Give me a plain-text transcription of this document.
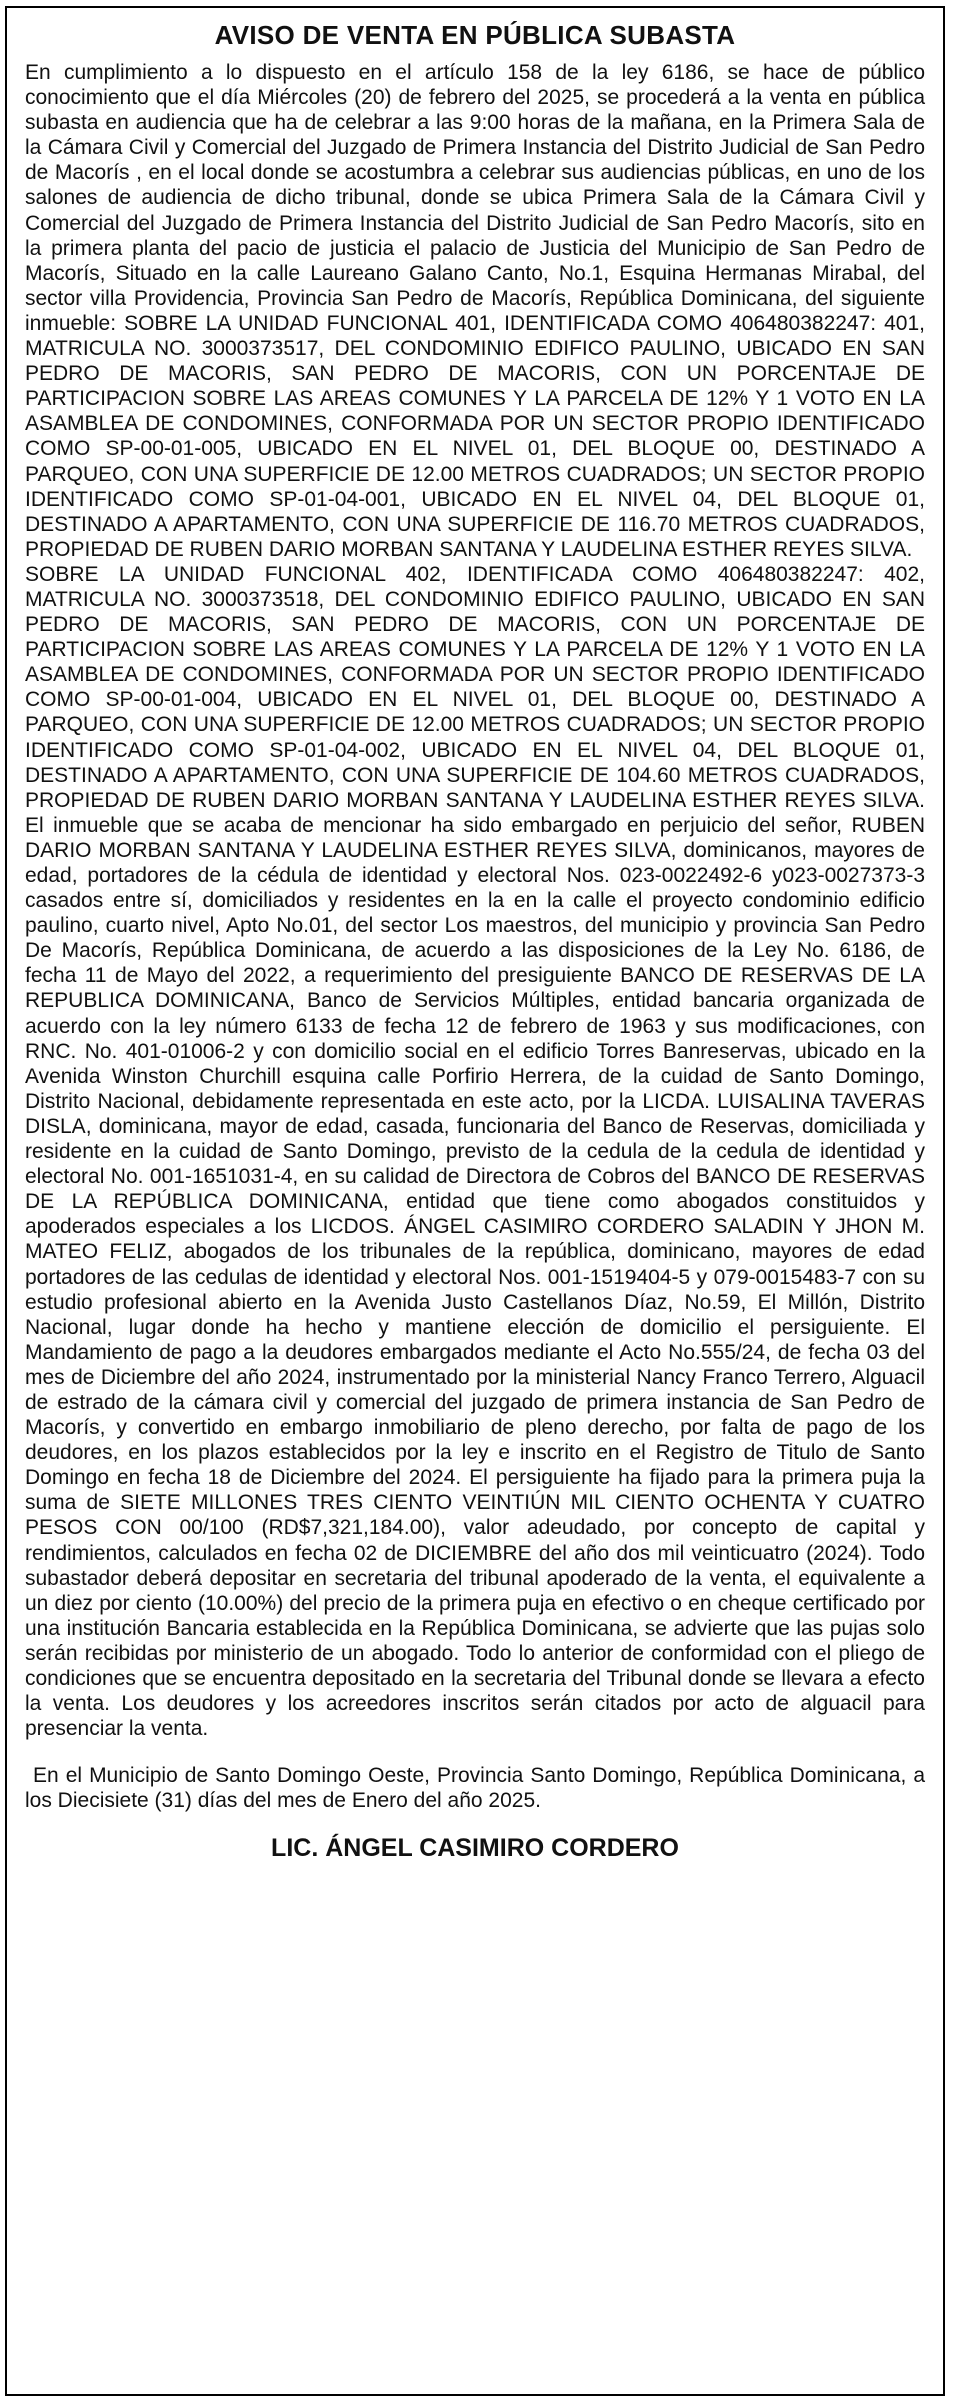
AVISO DE VENTA EN PÚBLICA SUBASTA

En cumplimiento a lo dispuesto en el artículo 158 de la ley 6186, se hace de público conocimiento que el día Miércoles (20) de febrero del 2025, se procederá a la venta en pública subasta en audiencia que ha de celebrar a las 9:00 horas de la mañana, en la Primera Sala de la Cámara Civil y Comercial del Juzgado de Primera Instancia del Distrito Judicial de San Pedro de Macorís , en el local donde se acostumbra a celebrar sus audiencias públicas, en uno de los salones de audiencia de dicho tribunal, donde se ubica Primera Sala de la Cámara Civil y Comercial del Juzgado de Primera Instancia del Distrito Judicial de San Pedro Macorís, sito en la primera planta del pacio de justicia el palacio de Justicia del Municipio de San Pedro de Macorís, Situado en la calle Laureano Galano Canto, No.1, Esquina Hermanas Mirabal, del sector villa Providencia, Provincia San Pedro de Macorís, República Dominicana, del siguiente inmueble: SOBRE LA UNIDAD FUNCIONAL 401, IDENTIFICADA COMO 406480382247: 401, MATRICULA NO. 3000373517, DEL CONDOMINIO EDIFICO PAULINO, UBICADO EN SAN PEDRO DE MACORIS, SAN PEDRO DE MACORIS, CON UN PORCENTAJE DE PARTICIPACION SOBRE LAS AREAS COMUNES Y LA PARCELA DE 12% Y 1 VOTO EN LA ASAMBLEA DE CONDOMINES, CONFORMADA POR UN SECTOR PROPIO IDENTIFICADO COMO SP-00-01-005, UBICADO EN EL NIVEL 01, DEL BLOQUE 00, DESTINADO A PARQUEO, CON UNA SUPERFICIE DE 12.00 METROS CUADRADOS; UN SECTOR PROPIO IDENTIFICADO COMO SP-01-04-001, UBICADO EN EL NIVEL 04, DEL BLOQUE 01, DESTINADO A APARTAMENTO, CON UNA SUPERFICIE DE 116.70 METROS CUADRADOS, PROPIEDAD DE RUBEN DARIO MORBAN SANTANA Y LAUDELINA ESTHER REYES SILVA.

SOBRE LA UNIDAD FUNCIONAL 402, IDENTIFICADA COMO 406480382247: 402, MATRICULA NO. 3000373518, DEL CONDOMINIO EDIFICO PAULINO, UBICADO EN SAN PEDRO DE MACORIS, SAN PEDRO DE MACORIS, CON UN PORCENTAJE DE PARTICIPACION SOBRE LAS AREAS COMUNES Y LA PARCELA DE 12% Y 1 VOTO EN LA ASAMBLEA DE CONDOMINES, CONFORMADA POR UN SECTOR PROPIO IDENTIFICADO COMO SP-00-01-004, UBICADO EN EL NIVEL 01, DEL BLOQUE 00, DESTINADO A PARQUEO, CON UNA SUPERFICIE DE 12.00 METROS CUADRADOS; UN SECTOR PROPIO IDENTIFICADO COMO SP-01-04-002, UBICADO EN EL NIVEL 04, DEL BLOQUE 01, DESTINADO A APARTAMENTO, CON UNA SUPERFICIE DE 104.60 METROS CUADRADOS, PROPIEDAD DE RUBEN DARIO MORBAN SANTANA Y LAUDELINA ESTHER REYES SILVA. El inmueble que se acaba de mencionar ha sido embargado en perjuicio del señor, RUBEN DARIO MORBAN SANTANA Y LAUDELINA ESTHER REYES SILVA, dominicanos, mayores de edad, portadores de la cédula de identidad y electoral Nos. 023-0022492-6 y023-0027373-3 casados entre sí, domiciliados y residentes en la en la calle el proyecto condominio edificio paulino, cuarto nivel, Apto No.01, del sector Los maestros, del municipio y provincia San Pedro De Macorís, República Dominicana, de acuerdo a las disposiciones de la Ley No. 6186, de fecha 11 de Mayo del 2022, a requerimiento del presiguiente BANCO DE RESERVAS DE LA REPUBLICA DOMINICANA, Banco de Servicios Múltiples, entidad bancaria organizada de acuerdo con la ley número 6133 de fecha 12 de febrero de 1963 y sus modificaciones, con RNC. No. 401-01006-2 y con domicilio social en el edificio Torres Banreservas, ubicado en la Avenida Winston Churchill esquina calle Porfirio Herrera, de la cuidad de Santo Domingo, Distrito Nacional, debidamente representada en este acto, por la LICDA. LUISALINA TAVERAS DISLA, dominicana, mayor de edad, casada, funcionaria del Banco de Reservas, domiciliada y residente en la cuidad de Santo Domingo, previsto de la cedula de la cedula de identidad y electoral No. 001-1651031-4, en su calidad de Directora de Cobros del BANCO DE RESERVAS DE LA REPÚBLICA DOMINICANA, entidad que tiene como abogados constituidos y apoderados especiales a los LICDOS. ÁNGEL CASIMIRO CORDERO SALADIN Y JHON M. MATEO FELIZ, abogados de los tribunales de la república, dominicano, mayores de edad portadores de las cedulas de identidad y electoral Nos. 001-1519404-5 y 079-0015483-7 con su estudio profesional abierto en la Avenida Justo Castellanos Díaz, No.59, El Millón, Distrito Nacional, lugar donde ha hecho y mantiene elección de domicilio el persiguiente. El Mandamiento de pago a la deudores embargados mediante el Acto No.555/24, de fecha 03 del mes de Diciembre del año 2024, instrumentado por la ministerial Nancy Franco Terrero, Alguacil de estrado de la cámara civil y comercial del juzgado de primera instancia de San Pedro de Macorís, y convertido en embargo inmobiliario de pleno derecho, por falta de pago de los deudores, en los plazos establecidos por la ley e inscrito en el Registro de Titulo de Santo Domingo en fecha 18 de Diciembre del 2024. El persiguiente ha fijado para la primera puja la suma de SIETE MILLONES TRES CIENTO VEINTIÚN MIL CIENTO OCHENTA Y CUATRO PESOS CON 00/100 (RD$7,321,184.00), valor adeudado, por concepto de capital y rendimientos, calculados en fecha 02 de DICIEMBRE del año dos mil veinticuatro (2024). Todo subastador deberá depositar en secretaria del tribunal apoderado de la venta, el equivalente a un diez por ciento (10.00%) del precio de la primera puja en efectivo o en cheque certificado por una institución Bancaria establecida en la República Dominicana, se advierte que las pujas solo serán recibidas por ministerio de un abogado. Todo lo anterior de conformidad con el pliego de condiciones que se encuentra depositado en la secretaria del Tribunal donde se llevara a efecto la venta. Los deudores y los acreedores inscritos serán citados por acto de alguacil para presenciar la venta.

En el Municipio de Santo Domingo Oeste, Provincia Santo Domingo, República Dominicana, a los Diecisiete (31) días del mes de Enero del año 2025.

LIC. ÁNGEL CASIMIRO CORDERO
